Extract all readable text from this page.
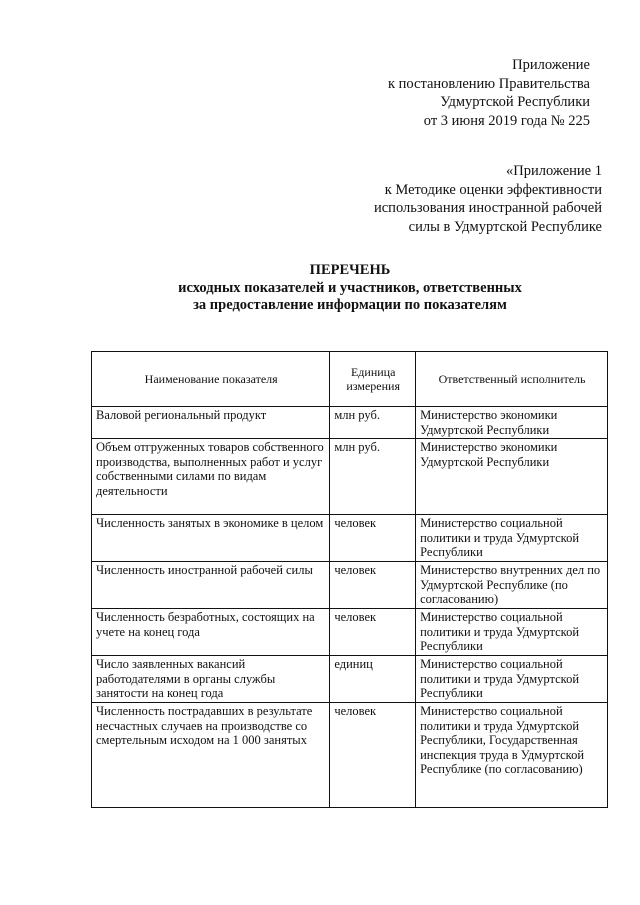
Приложение
к постановлению Правительства
Удмуртской Республики
от 3 июня 2019 года № 225
«Приложение 1
к Методике оценки эффективности
использования иностранной рабочей
силы в Удмуртской Республике
ПЕРЕЧЕНЬ
исходных показателей и участников, ответственных
за предоставление информации по показателям
Наименование показателя	Единица измерения	Ответственный исполнитель
Валовой региональный продукт	млн руб.	Министерство экономики Удмуртской Республики
Объем отгруженных товаров собственного производства, выполненных работ и услуг собственными силами по видам деятельности	млн руб.	Министерство экономики Удмуртской Республики
Численность занятых в экономике в целом	человек	Министерство социальной политики и труда Удмуртской Республики
Численность иностранной рабочей силы	человек	Министерство внутренних дел по Удмуртской Республике (по согласованию)
Численность безработных, состоящих на учете на конец года	человек	Министерство социальной политики и труда Удмуртской Республики
Число заявленных вакансий работодателями в органы службы занятости на конец года	единиц	Министерство социальной политики и труда Удмуртской Республики
Численность пострадавших в результате несчастных случаев на производстве со смертельным исходом на 1 000 занятых	человек	Министерство социальной политики и труда Удмуртской Республики, Государственная инспекция труда в Удмуртской Республике (по согласованию)
